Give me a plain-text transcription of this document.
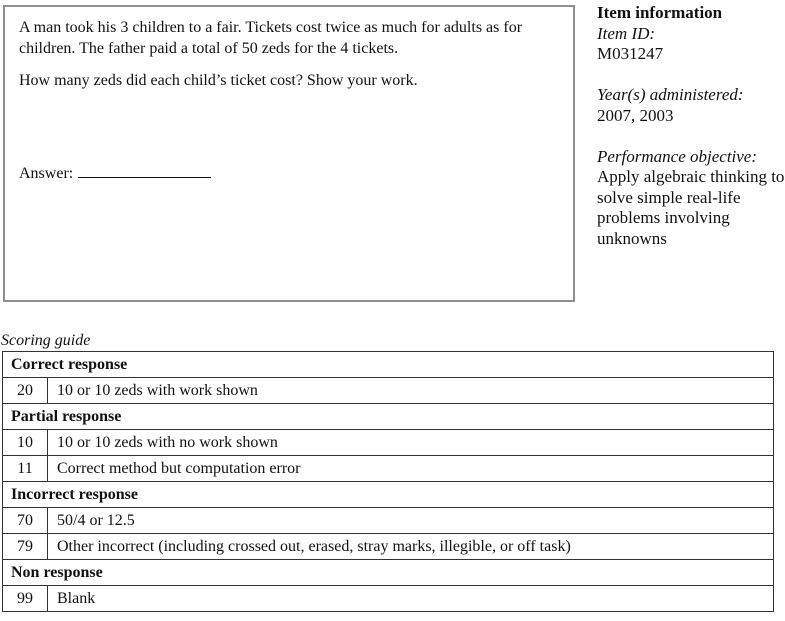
A man took his 3 children to a fair. Tickets cost twice as much for adults as for children. The father paid a total of 50 zeds for the 4 tickets.

How many zeds did each child’s ticket cost? Show your work.

Answer:

Item information

Item ID:

M031247

Year(s) administered:

2007, 2003

Performance objective:

Apply algebraic thinking to solve simple real-life problems involving unknowns

Scoring guide
Correct response	
20	10 or 10 zeds with work shown
Partial response	
10	10 or 10 zeds with no work shown
11	Correct method but computation error
Incorrect response	
70	50/4 or 12.5
79	Other incorrect (including crossed out, erased, stray marks, illegible, or off task)
Non response	
99	Blank
